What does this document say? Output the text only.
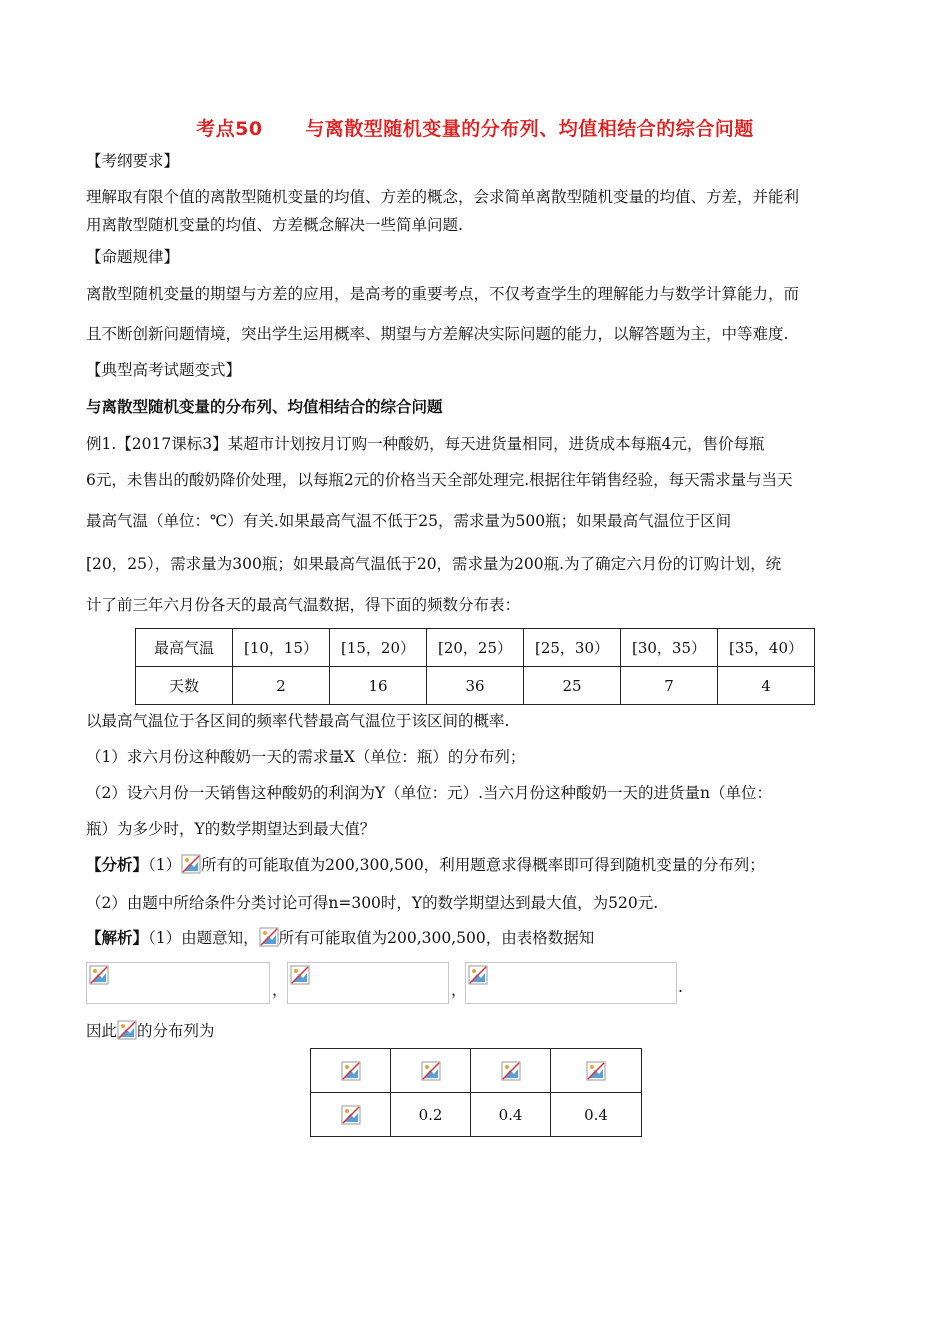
考点50      与离散型随机变量的分布列、均值相结合的综合问题
【考纲要求】
理解取有限个值的离散型随机变量的均值、方差的概念，会求简单离散型随机变量的均值、方差，并能利
用离散型随机变量的均值、方差概念解决一些简单问题.
【命题规律】
离散型随机变量的期望与方差的应用，是高考的重要考点，不仅考查学生的理解能力与数学计算能力，而
且不断创新问题情境，突出学生运用概率、期望与方差解决实际问题的能力，以解答题为主，中等难度.
【典型高考试题变式】
与离散型随机变量的分布列、均值相结合的综合问题
例1.【2017课标3】某超市计划按月订购一种酸奶，每天进货量相同，进货成本每瓶4元，售价每瓶
6元，未售出的酸奶降价处理，以每瓶2元的价格当天全部处理完.根据往年销售经验，每天需求量与当天
最高气温（单位：℃）有关.如果最高气温不低于25，需求量为500瓶；如果最高气温位于区间
[20，25），需求量为300瓶；如果最高气温低于20，需求量为200瓶.为了确定六月份的订购计划，统
计了前三年六月份各天的最高气温数据，得下面的频数分布表：
最高气温	[10，15）	[15，20）	[20，25）	[25，30）	[30，35）	[35，40）
天数	2	16	36	25	7	4
以最高气温位于各区间的频率代替最高气温位于该区间的概率.
（1）求六月份这种酸奶一天的需求量X（单位：瓶）的分布列；
（2）设六月份一天销售这种酸奶的利润为Y（单位：元）.当六月份这种酸奶一天的进货量n（单位：
瓶）为多少时，Y的数学期望达到最大值？
【分析】（1） 所有的可能取值为200,300,500，利用题意求得概率即可得到随机变量的分布列；
（2）由题中所给条件分类讨论可得n=300时，Y的数学期望达到最大值，为520元.
【解析】（1）由题意知， 所有可能取值为200,300,500，由表格数据知
，	，	.
因此 的分布列为

	0.2	0.4	0.4
